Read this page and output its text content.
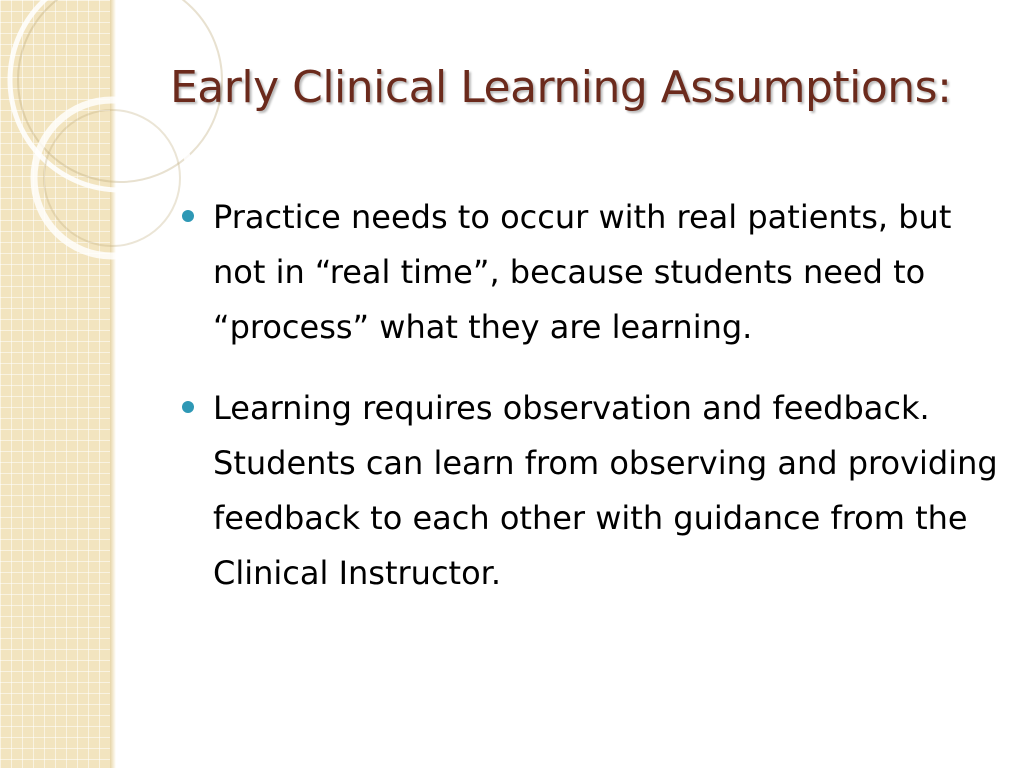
Early Clinical Learning Assumptions:
Practice needs to occur with real patients, but not in “real time”, because students need to “process” what they are learning.
Learning requires observation and feedback. Students can learn from observing and providing feedback to each other with guidance from the Clinical Instructor.
